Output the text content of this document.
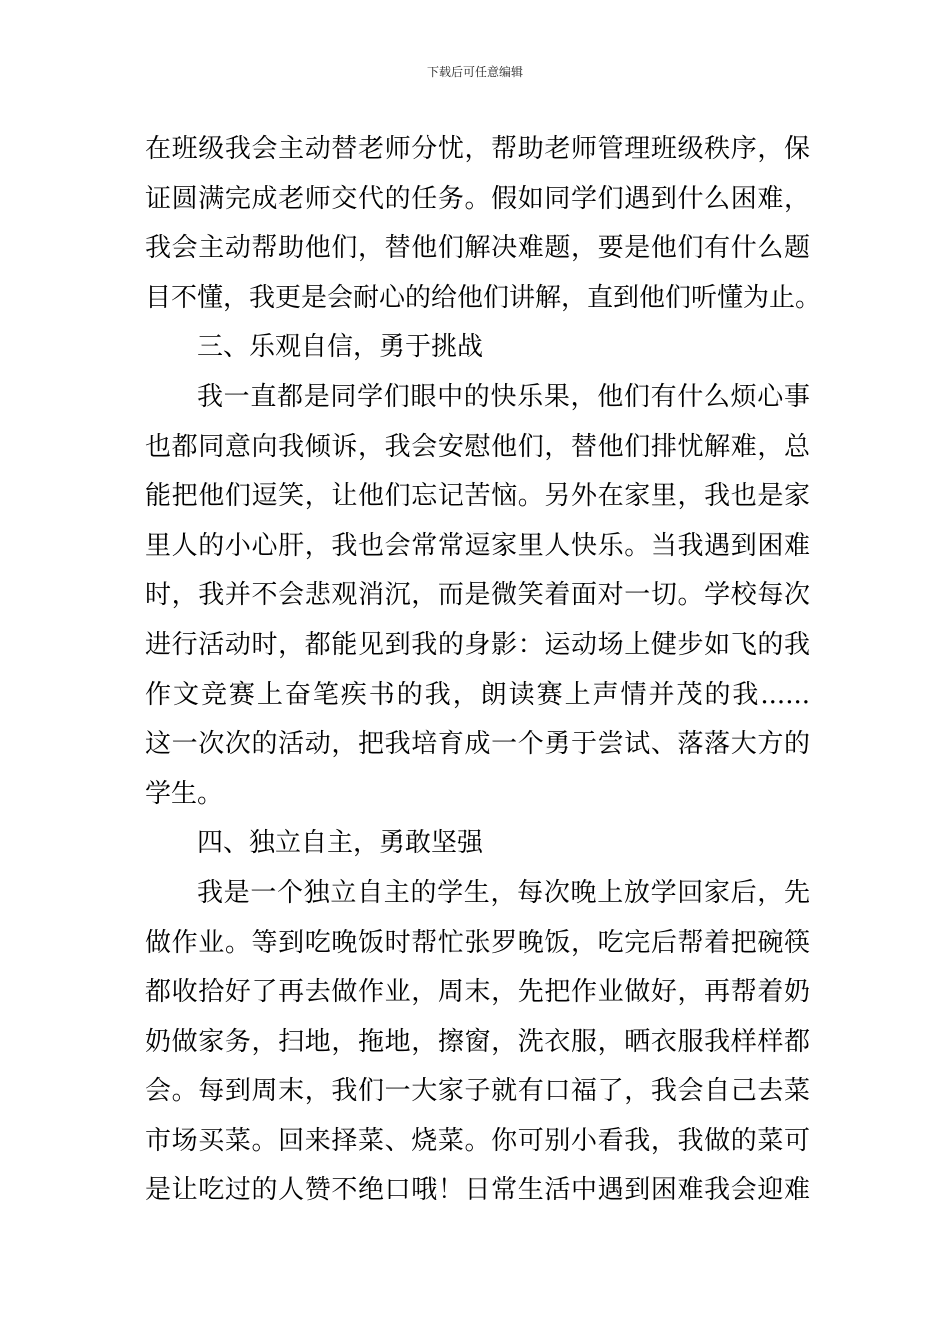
下载后可任意编辑
在班级我会主动替老师分忧，帮助老师管理班级秩序，保
证圆满完成老师交代的任务。假如同学们遇到什么困难，
我会主动帮助他们，替他们解决难题，要是他们有什么题
目不懂，我更是会耐心的给他们讲解，直到他们听懂为止。
三、乐观自信，勇于挑战
我一直都是同学们眼中的快乐果，他们有什么烦心事
也都同意向我倾诉，我会安慰他们，替他们排忧解难，总
能把他们逗笑，让他们忘记苦恼。另外在家里，我也是家
里人的小心肝，我也会常常逗家里人快乐。当我遇到困难
时，我并不会悲观消沉，而是微笑着面对一切。学校每次
进行活动时，都能见到我的身影：运动场上健步如飞的我
作文竞赛上奋笔疾书的我，朗读赛上声情并茂的我......
这一次次的活动，把我培育成一个勇于尝试、落落大方的
学生。
四、独立自主，勇敢坚强
我是一个独立自主的学生，每次晚上放学回家后，先
做作业。等到吃晚饭时帮忙张罗晚饭，吃完后帮着把碗筷
都收拾好了再去做作业，周末，先把作业做好，再帮着奶
奶做家务，扫地，拖地，擦窗，洗衣服，晒衣服我样样都
会。每到周末，我们一大家子就有口福了，我会自己去菜
市场买菜。回来择菜、烧菜。你可别小看我，我做的菜可
是让吃过的人赞不绝口哦！日常生活中遇到困难我会迎难
